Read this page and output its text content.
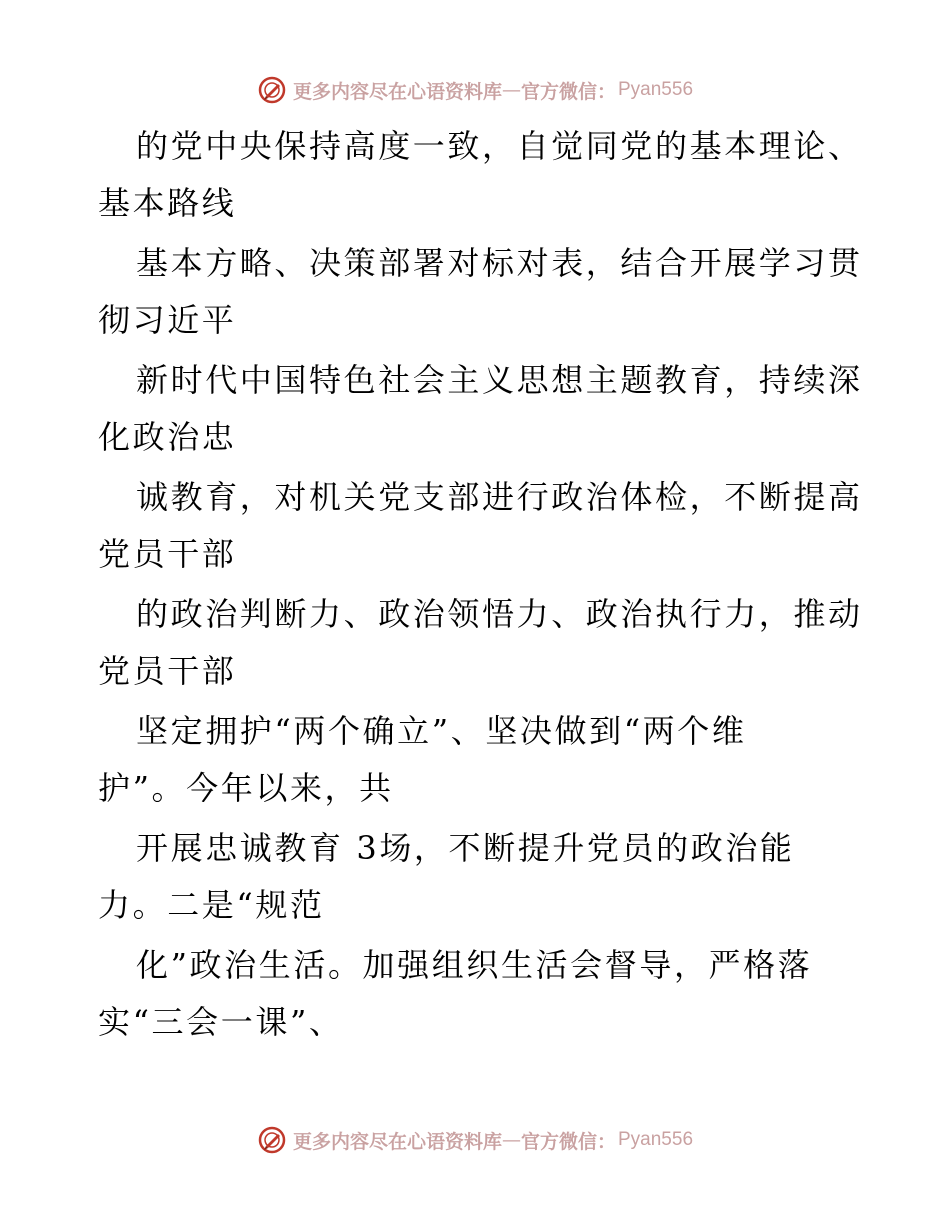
更多内容尽在心语资料库 — 官方微信： Pyan556
的党中央保持高度一致，自觉同党的基本理论、
基本路线
基本方略、决策部署对标对表，结合开展学习贯
彻习近平
新时代中国特色社会主义思想主题教育，持续深
化政治忠
诚教育，对机关党支部进行政治体检，不断提高
党员干部
的政治判断力、政治领悟力、政治执行力，推动
党员干部
坚定拥护“两个确立”、坚决做到“两个维
护”。今年以来，共
开展忠诚教育 3场，不断提升党员的政治能
力。二是“规范
化”政治生活。加强组织生活会督导，严格落
实“三会一课”、
更多内容尽在心语资料库 — 官方微信： Pyan556
